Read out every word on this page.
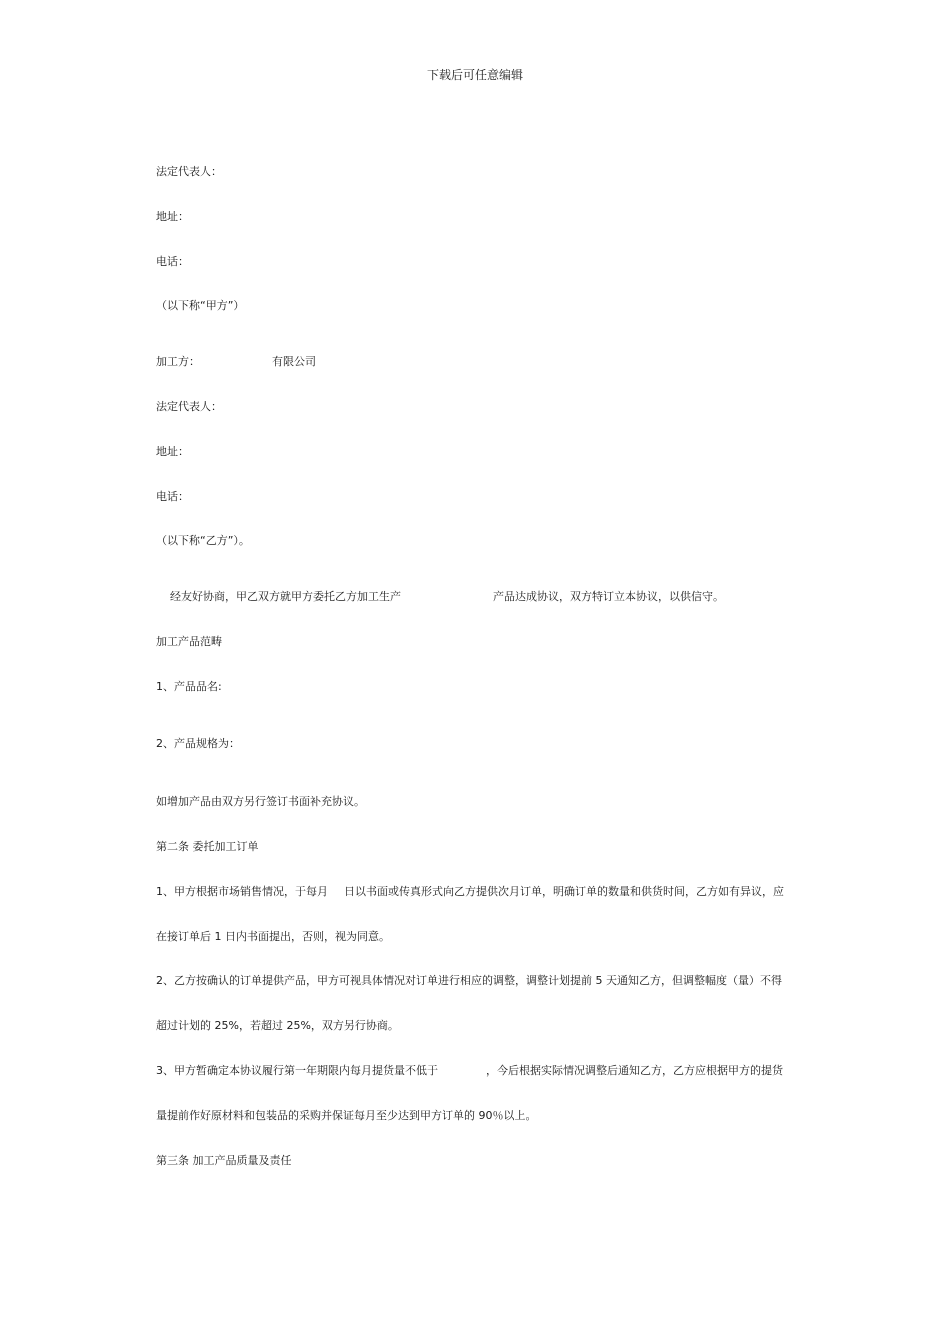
下载后可任意编辑
法定代表人：
地址：
电话：
（以下称“甲方”）
加工方：	有限公司
法定代表人：
地址：
电话：
（以下称“乙方”）。
经友好协商，甲乙双方就甲方委托乙方加工生产	产品达成协议，双方特订立本协议，以供信守。
加工产品范畴
1、产品品名:
2、产品规格为：
如增加产品由双方另行签订书面补充协议。
第二条 委托加工订单
1、甲方根据市场销售情况，于每月 日以书面或传真形式向乙方提供次月订单，明确订单的数量和供货时间，乙方如有异议，应
在接订单后 1 日内书面提出，否则，视为同意。
2、乙方按确认的订单提供产品，甲方可视具体情况对订单进行相应的调整，调整计划提前 5 天通知乙方，但调整幅度（量）不得
超过计划的 25%，若超过 25%，双方另行协商。
3、甲方暂确定本协议履行第一年期限内每月提货量不低于	，今后根据实际情况调整后通知乙方，乙方应根据甲方的提货
量提前作好原材料和包装品的采购并保证每月至少达到甲方订单的 90％以上。
第三条 加工产品质量及责任
